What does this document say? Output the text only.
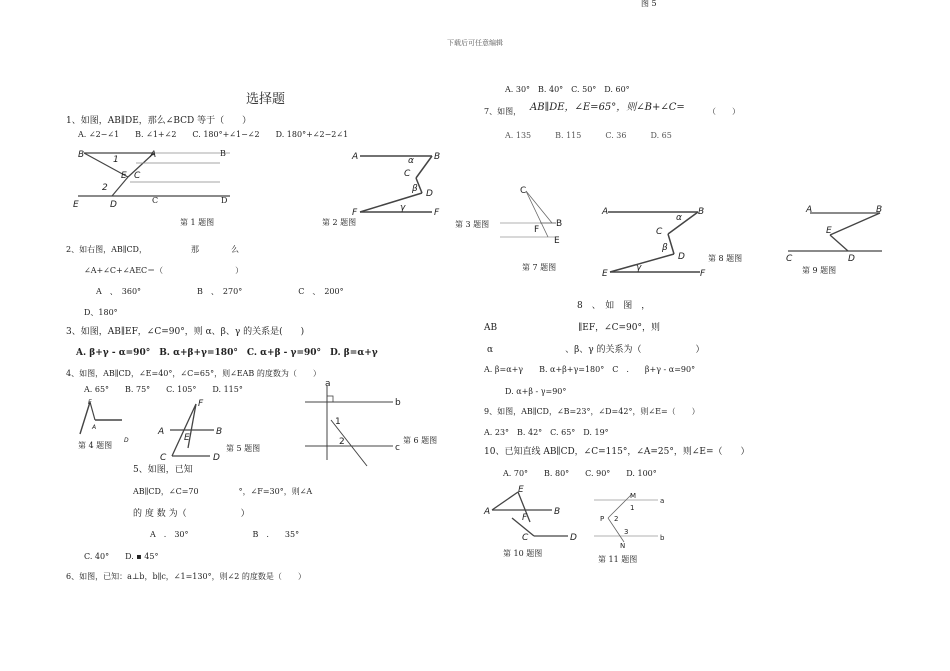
图 5
下载后可任意编辑
选择题
1、如图，AB∥DE，那么∠BCD 等于（　　）
A. ∠2−∠1　　B. ∠1+∠2　　C. 180°+∠1−∠2　　D. 180°+∠2−2∠1
B	A
1
E C
2
E	D
B
C	D
第 1 题图
A	B
α
C
β D
γ
F	F
第 2 题图
2、如右图，AB∥CD，　　　　　　那　　　　么
∠A+∠C+∠AEC＝（　　　　　　　　　）
A　、　360°　　　　　　　B　、　270°　　　　　　　C　、　200°
D、180°
3、如图，AB∥EF，∠C=90°，则 α、β、γ 的关系是(　　)
A. β+γ - α=90°　B. α+β+γ=180°　C. α+β - γ=90°　D. β=α+γ
4、如图，AB∥CD，∠E=40°，∠C=65°，则∠EAB 的度数为（　　）
A. 65°　　B. 75°　　C. 105°　　D. 115°
E
A
D
第 4 题图
F
A	B
E
C	D
第 5 题图
a
b
c
1
2	第 6 题图
5、如图，已知
AB∥CD，∠C=70　　　　　°，∠F=30°，则∠A
的 度 数 为（　　　　　　）
A　.　30°　　　　　　　　B　.　　35°
C. 40°　　D. ▪ 45°
6、如图，已知：a⊥b，b∥c，∠1=130°，则∠2 的度数是（　　）
A. 30°　B. 40°　C. 50°　D. 60°
7、如图， AB∥DE，∠E=65°，则∠B+∠C=	（　　）
A. 135　　　B. 115　　　C. 36　　　D. 65
C
B
F
E
第 3 题图
第 7 题图
A	B
α
C
β
D
γ
E	F
第 8 题图
A	B
E
C	D
第 9 题图
8　、　如　图　，
AB　　　　　　　　　∥EF，∠C=90°，则
α　　　　　　　　、β、γ 的关系为（　　　　　　）
A. β=α+γ　　B. α+β+γ=180°　C　.　　β+γ - α=90°
D. α+β - γ=90°
9、如图，AB∥CD，∠B=23°，∠D=42°，则∠E=（　　）
A. 23°　B. 42°　C. 65°　D. 19°
10、已知直线 AB∥CD，∠C=115°，∠A=25°，则∠E=（　　）
A. 70°　　B. 80°　　C. 90°　　D. 100°
E
A
F
B
C	D
第 10 题图
M
a
1
P 2
3
b
N
第 11 题图
